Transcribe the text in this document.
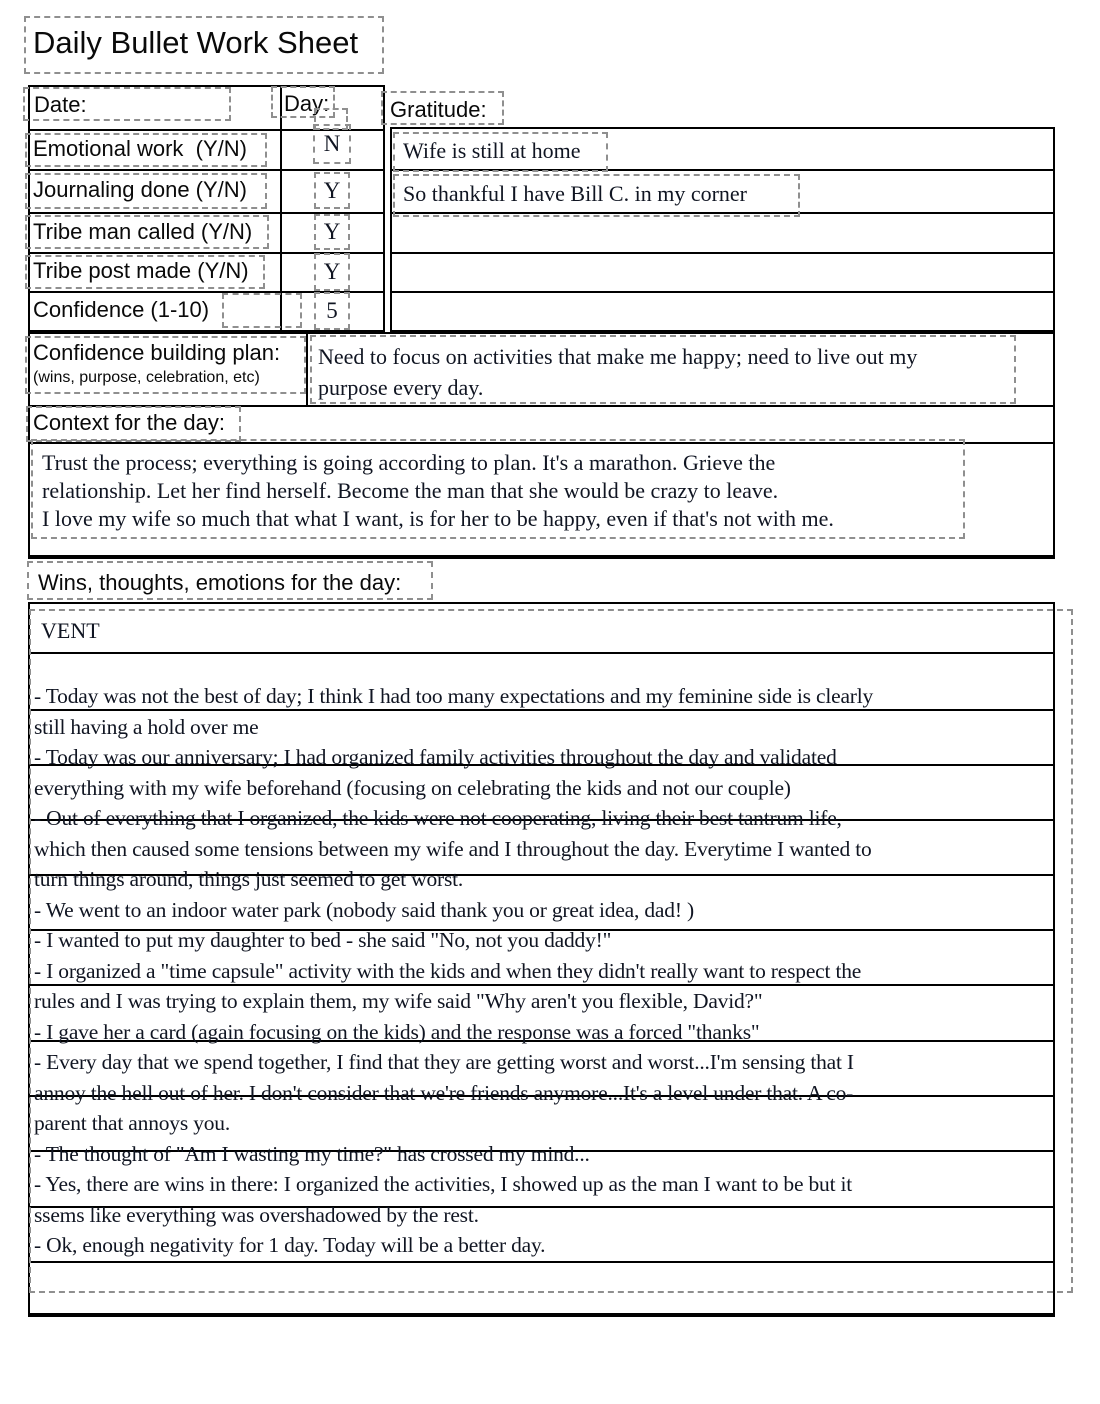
Daily Bullet Work Sheet
Date:	Day:
Emotional work  (Y/N)
Journaling done (Y/N)
Tribe man called (Y/N)
Tribe post made (Y/N)
Confidence (1-10)
N
Y
Y
Y
5
Gratitude:
Wife is still at home
So thankful I have Bill C. in my corner
Confidence building plan:
(wins, purpose, celebration, etc)
Need to focus on activities that make me happy; need to live out my
purpose every day.
Context for the day:
Trust the process; everything is going according to plan. It's a marathon. Grieve the
relationship. Let her find herself. Become the man that she would be crazy to leave.
I love my wife so much that what I want, is for her to be happy, even if that's not with me.
Wins, thoughts, emotions for the day:
VENT
- Today was not the best of day; I think I had too many expectations and my feminine side is clearly
still having a hold over me
- Today was our anniversary; I had organized family activities throughout the day and validated
everything with my wife beforehand (focusing on celebrating the kids and not our couple)
- Out of everything that I organized, the kids were not cooperating, living their best tantrum life,
which then caused some tensions between my wife and I throughout the day. Everytime I wanted to
turn things around, things just seemed to get worst.
- We went to an indoor water park (nobody said thank you or great idea, dad! )
- I wanted to put my daughter to bed - she said "No, not you daddy!"
- I organized a "time capsule" activity with the kids and when they didn't really want to respect the
rules and I was trying to explain them, my wife said "Why aren't you flexible, David?"
- I gave her a card (again focusing on the kids) and the response was a forced "thanks"
- Every day that we spend together, I find that they are getting worst and worst...I'm sensing that I
annoy the hell out of her. I don't consider that we're friends anymore...It's a level under that. A co-
parent that annoys you.
- The thought of "Am I wasting my time?" has crossed my mind...
- Yes, there are wins in there: I organized the activities, I showed up as the man I want to be but it
ssems like everything was overshadowed by the rest.
- Ok, enough negativity for 1 day. Today will be a better day.
